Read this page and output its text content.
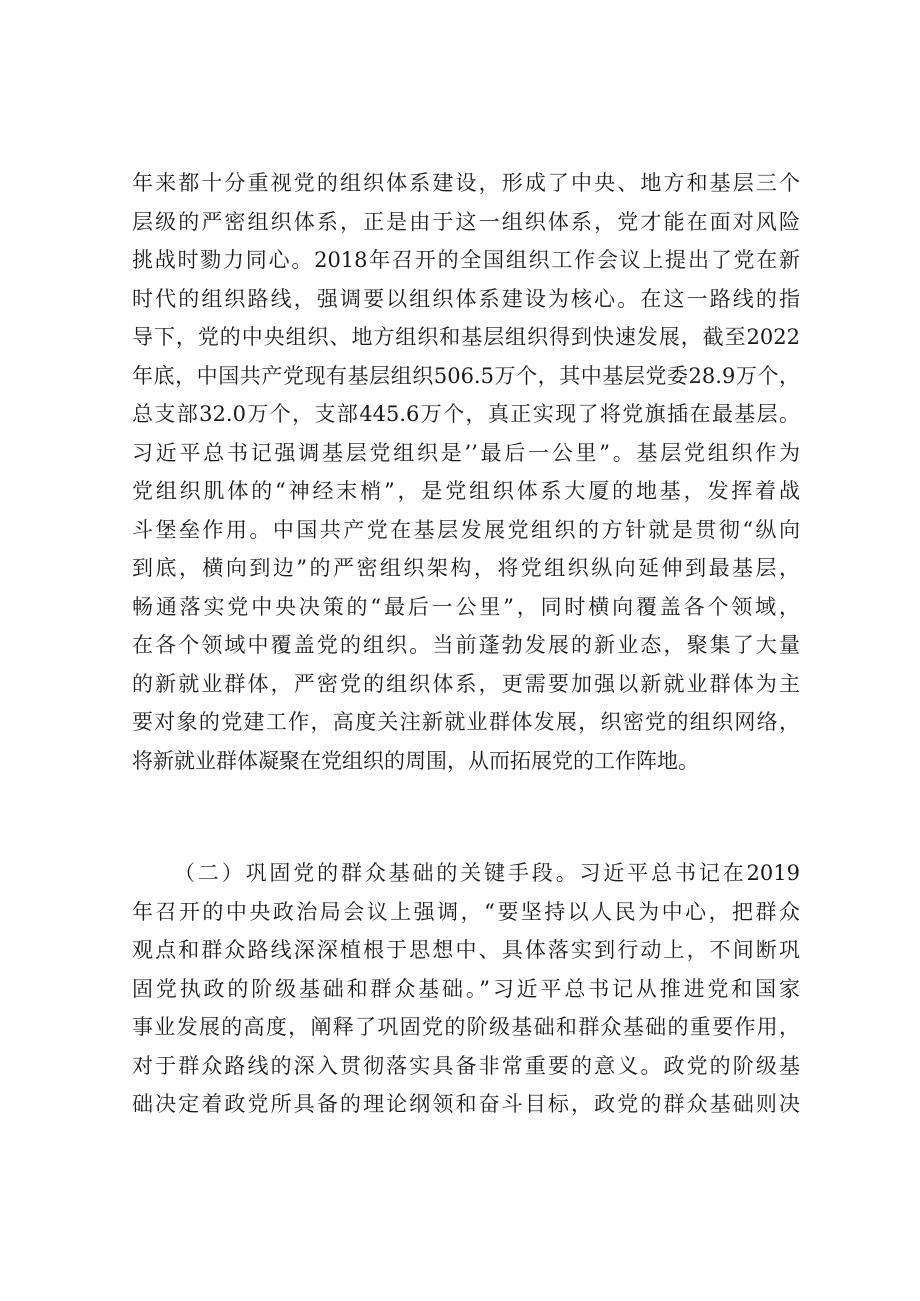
年来都十分重视党的组织体系建设，形成了中央、地方和基层三个
层级的严密组织体系，正是由于这一组织体系，党才能在面对风险
挑战时勠力同心。2018年召开的全国组织工作会议上提出了党在新
时代的组织路线，强调要以组织体系建设为核心。在这一路线的指
导下，党的中央组织、地方组织和基层组织得到快速发展，截至2022
年底，中国共产党现有基层组织506.5万个，其中基层党委28.9万个，
总支部32.0万个，支部445.6万个，真正实现了将党旗插在最基层。
习近平总书记强调基层党组织是’’最后一公里”。基层党组织作为
党组织肌体的“神经末梢”，是党组织体系大厦的地基，发挥着战
斗堡垒作用。中国共产党在基层发展党组织的方针就是贯彻“纵向
到底，横向到边”的严密组织架构，将党组织纵向延伸到最基层，
畅通落实党中央决策的“最后一公里”，同时横向覆盖各个领域，
在各个领域中覆盖党的组织。当前蓬勃发展的新业态，聚集了大量
的新就业群体，严密党的组织体系，更需要加强以新就业群体为主
要对象的党建工作，高度关注新就业群体发展，织密党的组织网络，
将新就业群体凝聚在党组织的周围，从而拓展党的工作阵地。
（二）巩固党的群众基础的关键手段。习近平总书记在2019
年召开的中央政治局会议上强调，“要坚持以人民为中心，把群众
观点和群众路线深深植根于思想中、具体落实到行动上，不间断巩
固党执政的阶级基础和群众基础。”习近平总书记从推进党和国家
事业发展的高度，阐释了巩固党的阶级基础和群众基础的重要作用，
对于群众路线的深入贯彻落实具备非常重要的意义。政党的阶级基
础决定着政党所具备的理论纲领和奋斗目标，政党的群众基础则决
